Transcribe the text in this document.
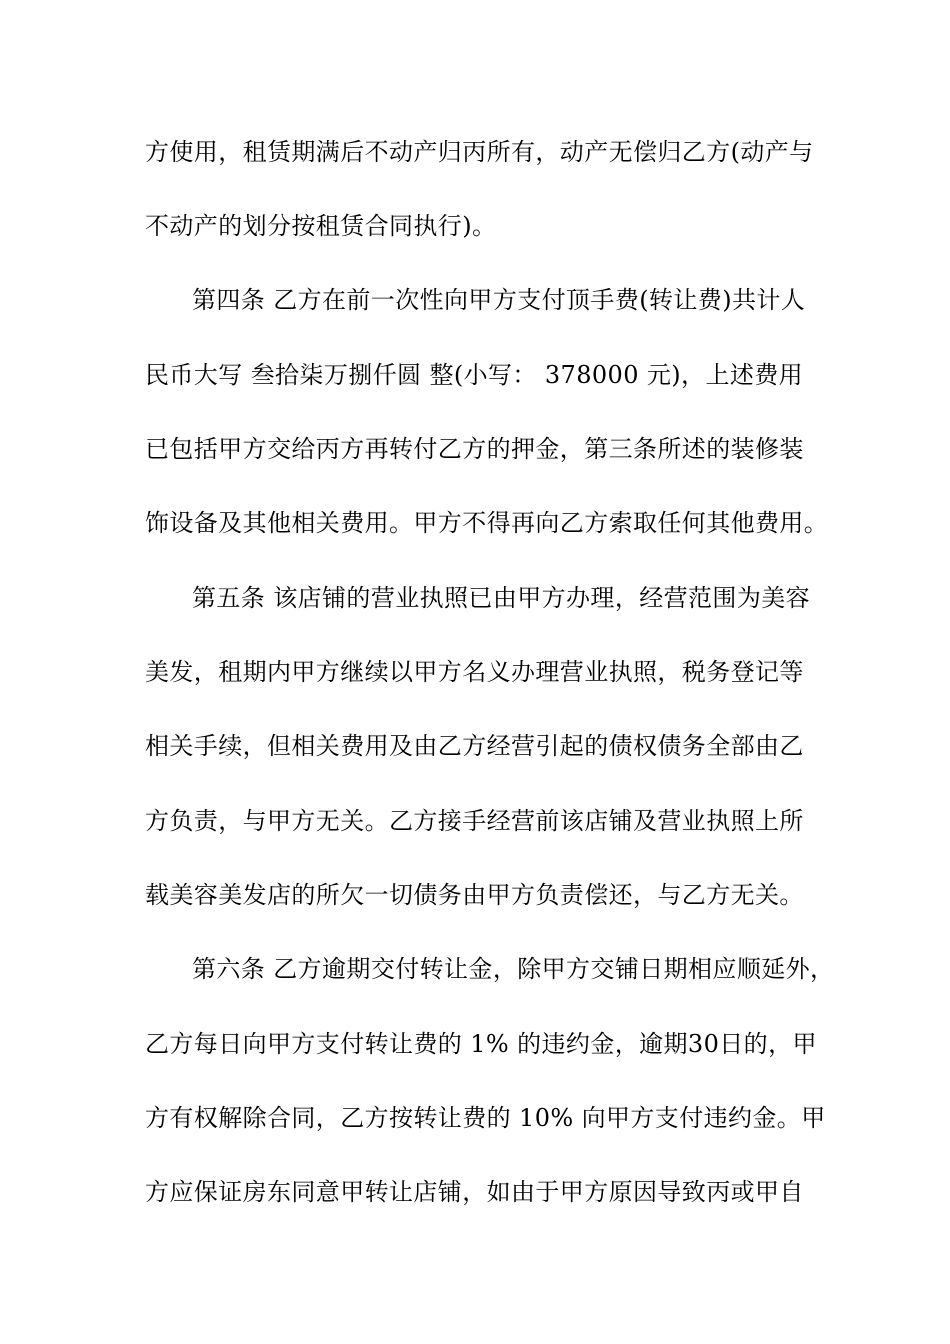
方使用，租赁期满后不动产归丙所有，动产无偿归乙方(动产与
不动产的划分按租赁合同执行)。
第四条 乙方在前一次性向甲方支付顶手费(转让费)共计人
民币大写 叁拾柒万捌仟圆 整(小写： 378000 元)，上述费用
已包括甲方交给丙方再转付乙方的押金，第三条所述的装修装
饰设备及其他相关费用。甲方不得再向乙方索取任何其他费用。
第五条 该店铺的营业执照已由甲方办理，经营范围为美容
美发，租期内甲方继续以甲方名义办理营业执照，税务登记等
相关手续，但相关费用及由乙方经营引起的债权债务全部由乙
方负责，与甲方无关。乙方接手经营前该店铺及营业执照上所
载美容美发店的所欠一切债务由甲方负责偿还，与乙方无关。
第六条 乙方逾期交付转让金，除甲方交铺日期相应顺延外，
乙方每日向甲方支付转让费的 1% 的违约金，逾期30日的，甲
方有权解除合同，乙方按转让费的 10% 向甲方支付违约金。甲
方应保证房东同意甲转让店铺，如由于甲方原因导致丙或甲自
